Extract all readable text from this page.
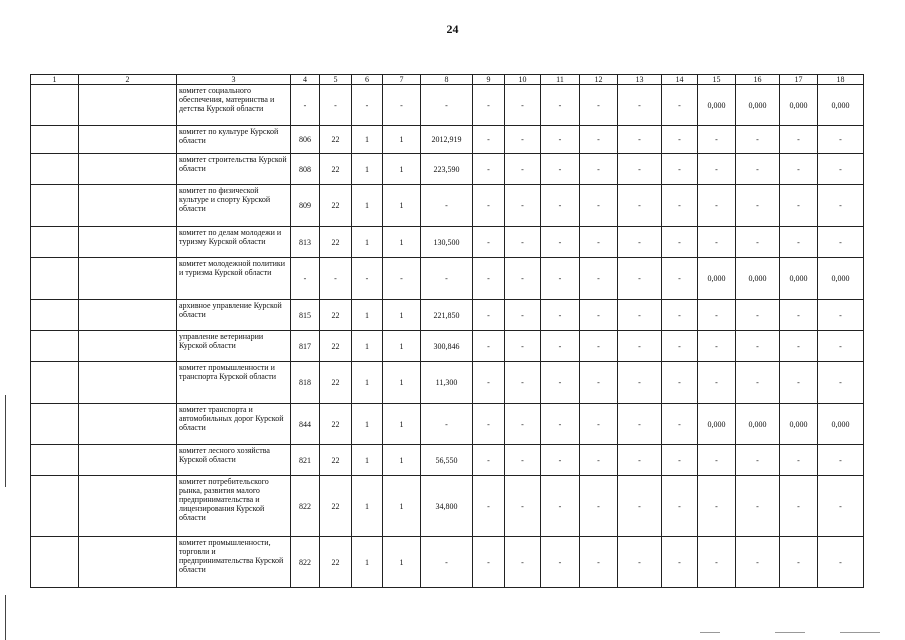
24
1	2	3	4	5	6	7	8	9	10	11	12	13	14	15	16	17	18
		комитет социального обеспечения, материнства и детства Курской области	-	-	-	-	-	-	-	-	-	-	-	0,000	0,000	0,000	0,000
		комитет по культуре Курской области	806	22	1	1	2012,919	-	-	-	-	-	-	-	-	-	-
		комитет строительства Курской области	808	22	1	1	223,590	-	-	-	-	-	-	-	-	-	-
		комитет по физической культуре и спорту Курской области	809	22	1	1	-	-	-	-	-	-	-	-	-	-	-
		комитет по делам молодежи и туризму Курской области	813	22	1	1	130,500	-	-	-	-	-	-	-	-	-	-
		комитет молодежной политики и туризма Курской области	-	-	-	-	-	-	-	-	-	-	-	0,000	0,000	0,000	0,000
		архивное управление Курской области	815	22	1	1	221,850	-	-	-	-	-	-	-	-	-	-
		управление ветеринарии Курской области	817	22	1	1	300,846	-	-	-	-	-	-	-	-	-	-
		комитет промышленности и транспорта Курской области	818	22	1	1	11,300	-	-	-	-	-	-	-	-	-	-
		комитет транспорта и автомобильных дорог Курской области	844	22	1	1	-	-	-	-	-	-	-	0,000	0,000	0,000	0,000
		комитет лесного хозяйства Курской области	821	22	1	1	56,550	-	-	-	-	-	-	-	-	-	-
		комитет потребительского рынка, развития малого предпринимательства и лицензирования Курской области	822	22	1	1	34,800	-	-	-	-	-	-	-	-	-	-
		комитет промышленности, торговли и предпринимательства Курской области	822	22	1	1	-	-	-	-	-	-	-	-	-	-	-
